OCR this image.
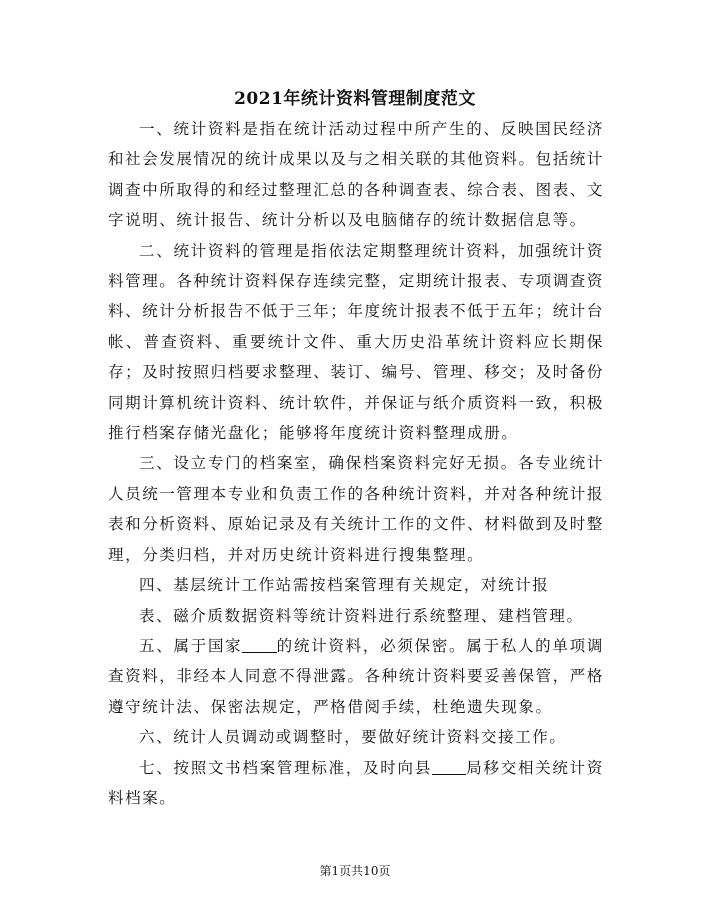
2021年统计资料管理制度范文

一、统计资料是指在统计活动过程中所产生的、反映国民经济和社会发展情况的统计成果以及与之相关联的其他资料。包括统计调查中所取得的和经过整理汇总的各种调查表、综合表、图表、文字说明、统计报告、统计分析以及电脑储存的统计数据信息等。

二、统计资料的管理是指依法定期整理统计资料，加强统计资料管理。各种统计资料保存连续完整，定期统计报表、专项调查资料、统计分析报告不低于三年；年度统计报表不低于五年；统计台帐、普查资料、重要统计文件、重大历史沿革统计资料应长期保存；及时按照归档要求整理、装订、编号、管理、移交；及时备份同期计算机统计资料、统计软件，并保证与纸介质资料一致，积极推行档案存储光盘化；能够将年度统计资料整理成册。

三、设立专门的档案室，确保档案资料完好无损。各专业统计人员统一管理本专业和负责工作的各种统计资料，并对各种统计报表和分析资料、原始记录及有关统计工作的文件、材料做到及时整理，分类归档，并对历史统计资料进行搜集整理。

四、基层统计工作站需按档案管理有关规定，对统计报

表、磁介质数据资料等统计资料进行系统整理、建档管理。

五、属于国家 的统计资料，必须保密。属于私人的单项调查资料，非经本人同意不得泄露。各种统计资料要妥善保管，严格遵守统计法、保密法规定，严格借阅手续，杜绝遗失现象。

六、统计人员调动或调整时，要做好统计资料交接工作。

七、按照文书档案管理标准，及时向县 局移交相关统计资料档案。

第1页共10页
